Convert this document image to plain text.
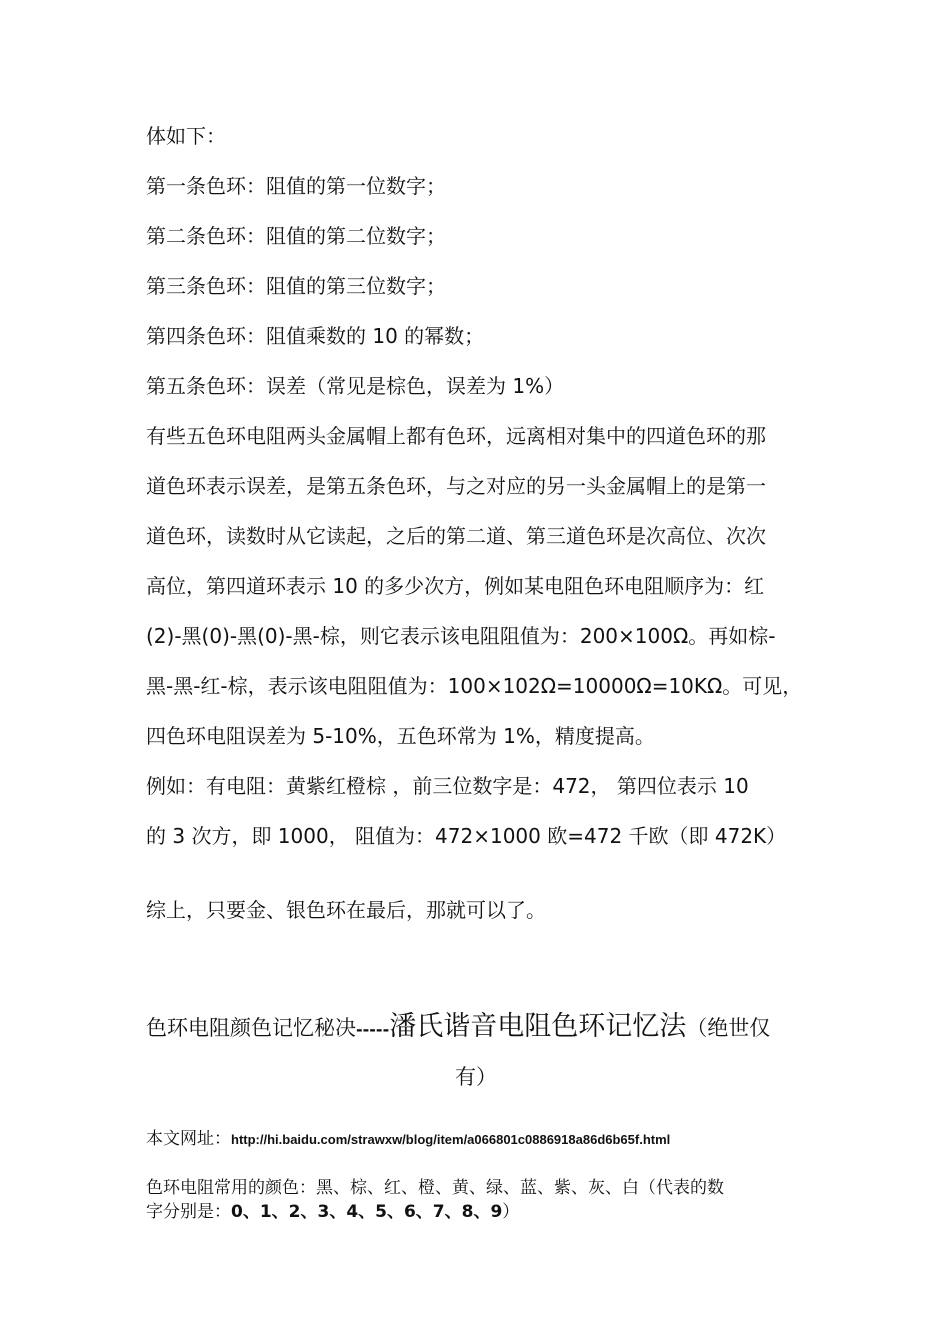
体如下：
第一条色环：阻值的第一位数字；
第二条色环：阻值的第二位数字；
第三条色环：阻值的第三位数字；
第四条色环：阻值乘数的 10 的幂数；
第五条色环：误差（常见是棕色，误差为 1%）
有些五色环电阻两头金属帽上都有色环，远离相对集中的四道色环的那
道色环表示误差，是第五条色环，与之对应的另一头金属帽上的是第一
道色环，读数时从它读起，之后的第二道、第三道色环是次高位、次次
高位，第四道环表示 10 的多少次方，例如某电阻色环电阻顺序为：红
(2)-黑(0)-黑(0)-黑-棕，则它表示该电阻阻值为：200×100Ω。再如棕-
黑-黑-红-棕，表示该电阻阻值为：100×102Ω=10000Ω=10KΩ。可见，
四色环电阻误差为 5-10%，五色环常为 1%，精度提高。
例如：有电阻：黄紫红橙棕 ，前三位数字是：472， 第四位表示 10
的 3 次方，即 1000， 阻值为：472×1000 欧=472 千欧（即 472K）
综上，只要金、银色环在最后，那就可以了。
色环电阻颜色记忆秘决-----潘氏谐音电阻色环记忆法（绝世仅
有）
本文网址：http://hi.baidu.com/strawxw/blog/item/a066801c0886918a86d6b65f.html
色环电阻常用的颜色：黑、棕、红、橙、黄、绿、蓝、紫、灰、白（代表的数
字分别是：0、1、2、3、4、5、6、7、8、9）
